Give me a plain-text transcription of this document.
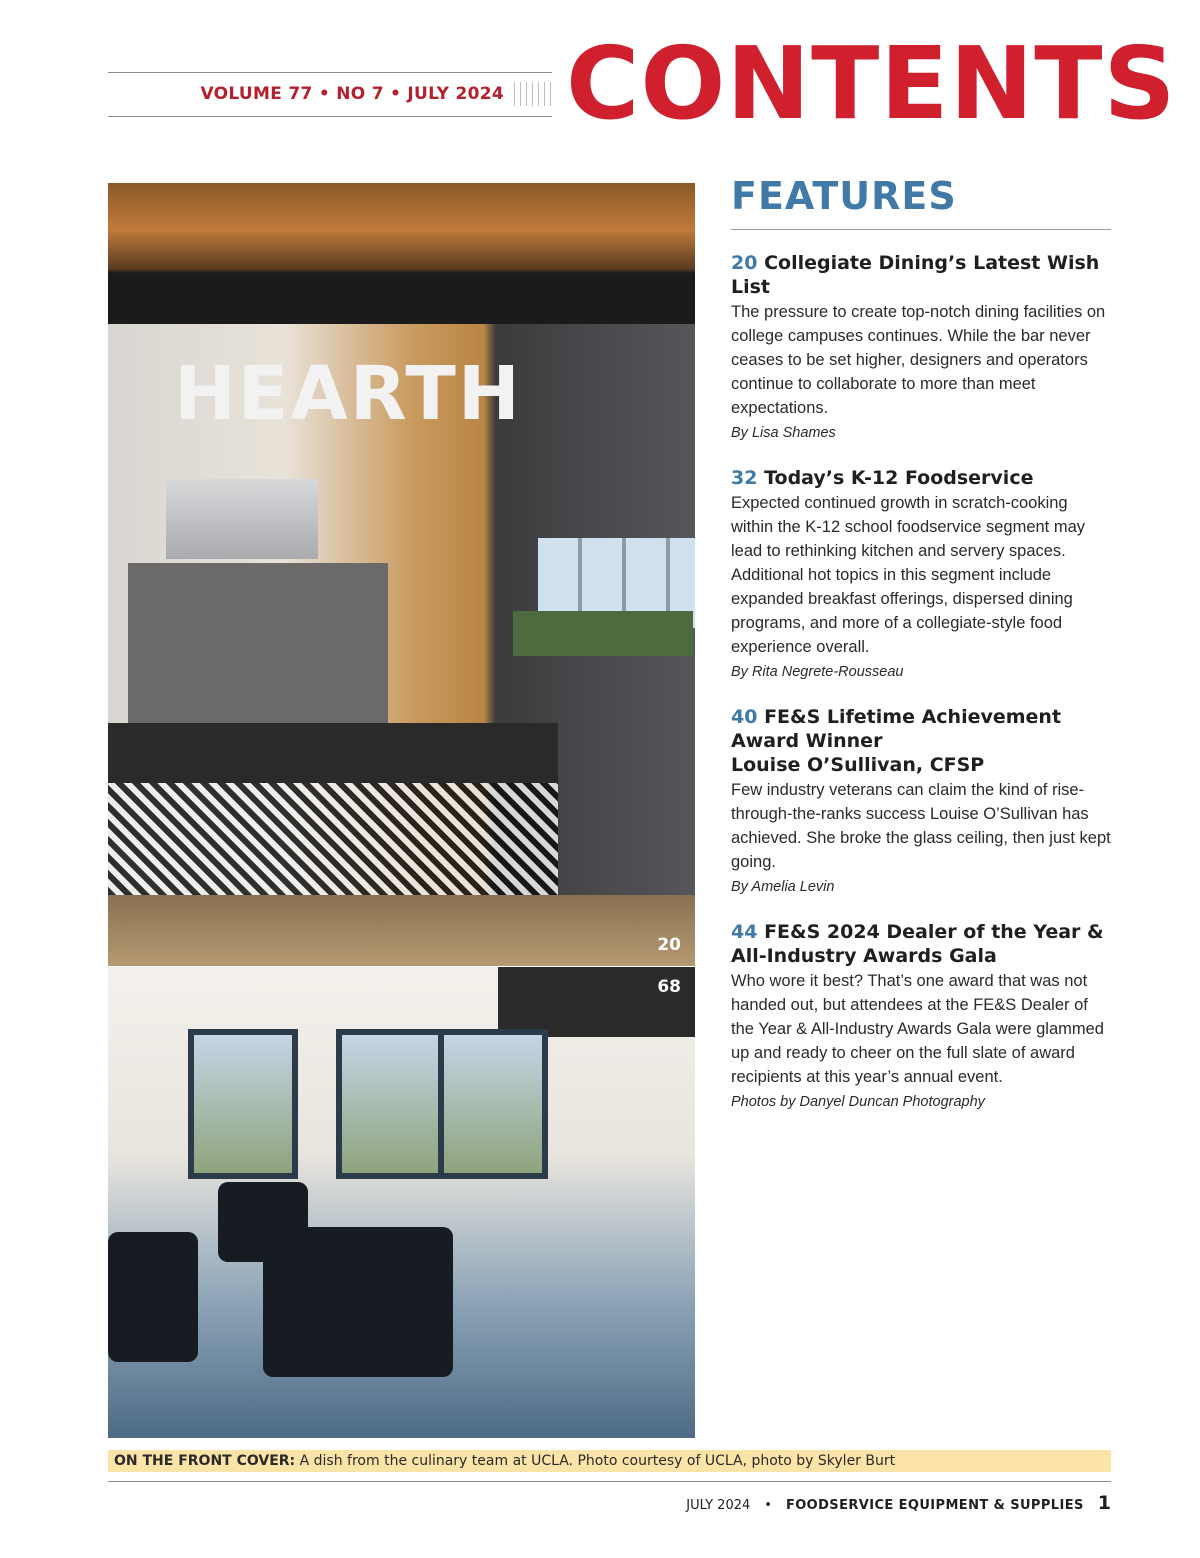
VOLUME 77 • NO 7 • JULY 2024 CONTENTS
HEARTH
20
68
FEATURES
20 Collegiate Dining’s Latest Wish List
The pressure to create top-notch dining facilities on college campuses continues. While the bar never ceases to be set higher, designers and operators continue to collaborate to more than meet expectations.
By Lisa Shames
32 Today’s K-12 Foodservice
Expected continued growth in scratch-cooking within the K-12 school foodservice segment may lead to rethinking kitchen and servery spaces. Additional hot topics in this segment include expanded breakfast offerings, dispersed dining programs, and more of a collegiate-style food experience overall.
By Rita Negrete-Rousseau
40 FE&S Lifetime Achievement Award Winner
Louise O’Sullivan, CFSP
Few industry veterans can claim the kind of rise-through-the-ranks success Louise O’Sullivan has achieved. She broke the glass ceiling, then just kept going.
By Amelia Levin
44 FE&S 2024 Dealer of the Year & All-Industry Awards Gala
Who wore it best? That’s one award that was not handed out, but attendees at the FE&S Dealer of the Year & All-Industry Awards Gala were glammed up and ready to cheer on the full slate of award recipients at this year’s annual event.
Photos by Danyel Duncan Photography
ON THE FRONT COVER: A dish from the culinary team at UCLA. Photo courtesy of UCLA, photo by Skyler Burt
JULY 2024 • FOODSERVICE EQUIPMENT & SUPPLIES 1
